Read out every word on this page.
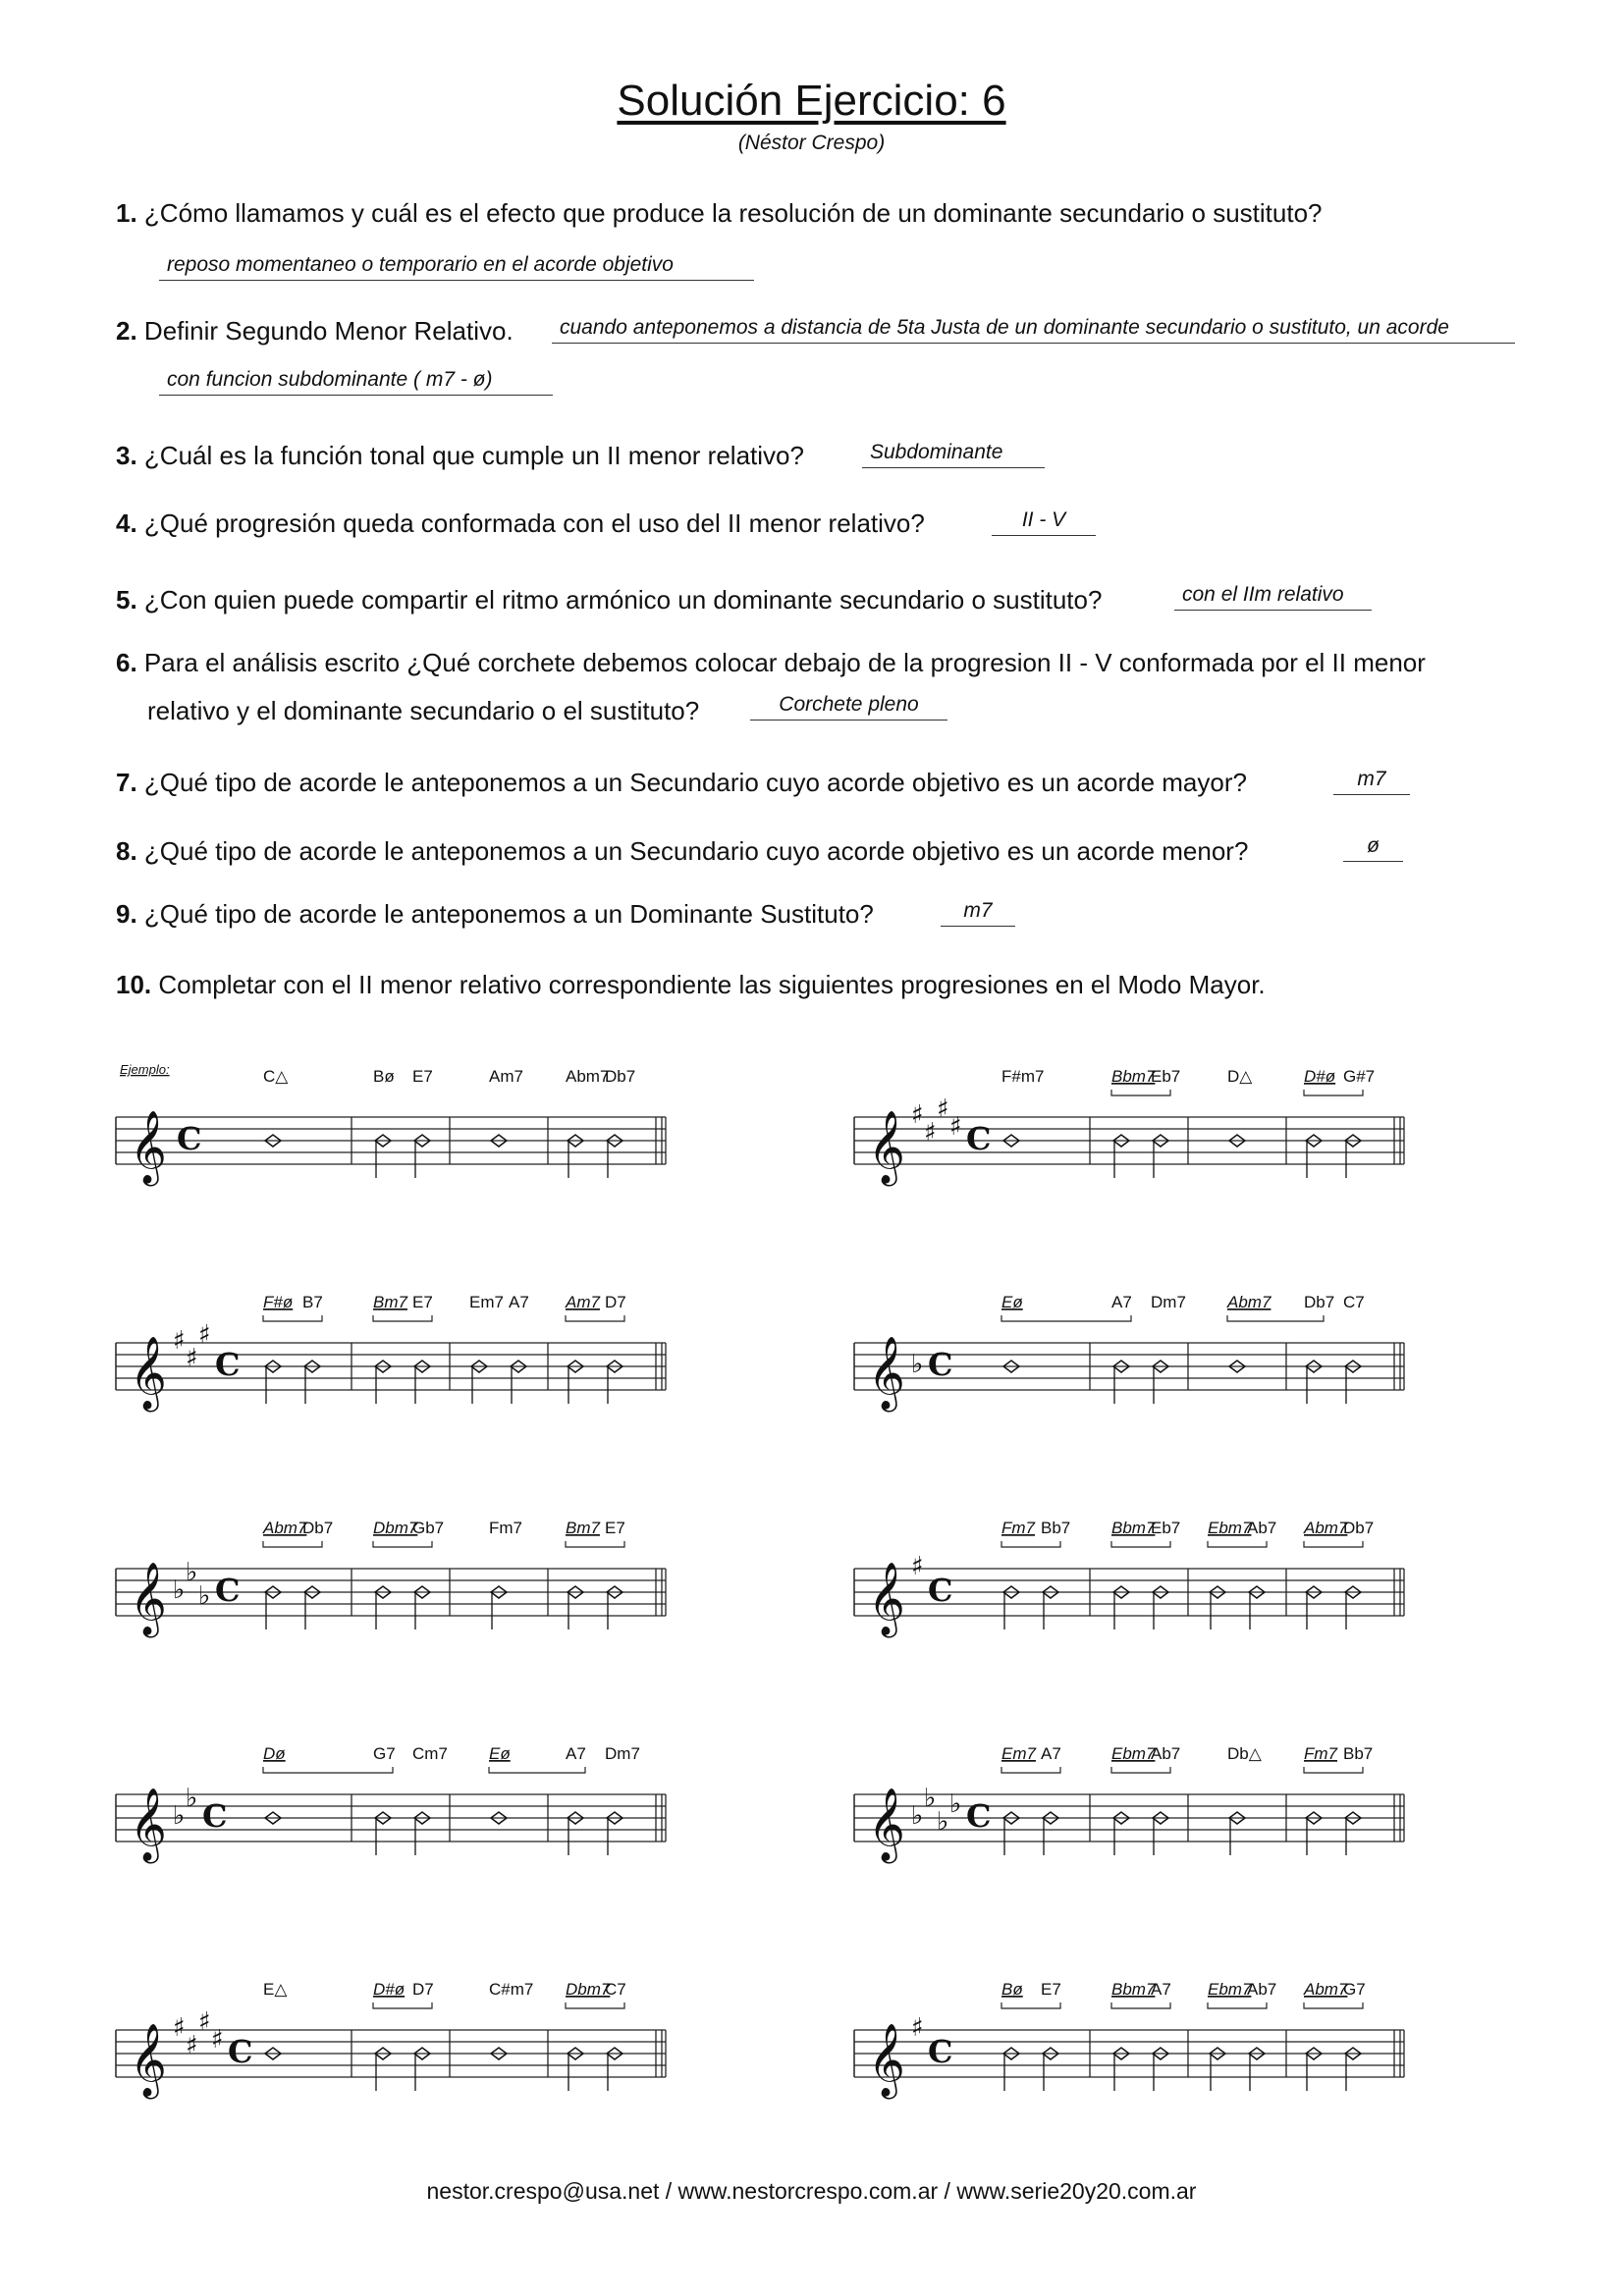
Solución Ejercicio: 6
(Néstor Crespo)
1. ¿Cómo llamamos y cuál es el efecto que produce la resolución de un dominante secundario o sustituto?
reposo momentaneo o temporario en el acorde objetivo
2. Definir Segundo Menor Relativo.	cuando anteponemos a distancia de 5ta Justa de un dominante secundario o sustituto, un acorde
con funcion subdominante ( m7 - ø)
3. ¿Cuál es la función tonal que cumple un II menor relativo?	Subdominante
4. ¿Qué progresión queda conformada con el uso del II menor relativo?	II - V
5. ¿Con quien puede compartir el ritmo armónico un dominante secundario o sustituto?	con el IIm relativo
6. Para el análisis escrito ¿Qué corchete debemos colocar debajo de la progresion II - V conformada por el II menor
relativo y el dominante secundario o el sustituto?	Corchete pleno
7. ¿Qué tipo de acorde le anteponemos a un Secundario cuyo acorde objetivo es un acorde mayor?	m7
8. ¿Qué tipo de acorde le anteponemos a un Secundario cuyo acorde objetivo es un acorde menor?	ø
9. ¿Qué tipo de acorde le anteponemos a un Dominante Sustituto?	m7
10. Completar con el II menor relativo correspondiente las siguientes progresiones en el Modo Mayor.
𝄞 C
C△	Bø E7	Am7	Abm7
Db7
Ejemplo:
𝄞 ♯
♯
♯
♯ C
F#m7	Bbm7
Eb7	D△	D#ø G#7
𝄞 ♯
♯
♯
C
F#ø B7	Bm7 E7 Em7 A7 Am7 D7
𝄞 ♭ C
Eø	A7 Dm7 Abm7 Db7 C7
𝄞 ♭
♭
♭ C
Abm7
Db7 Dbm7
Gb7	Fm7	Bm7 E7
𝄞 ♯
C
Fm7 Bb7 Bbm7
Eb7 Ebm7
Ab7 Abm7
Db7
𝄞 ♭
♭ C
Dø	G7 Cm7 Eø	A7 Dm7
𝄞 ♭
♭
♭
♭ C
Em7 A7	Ebm7
Ab7	Db△	Fm7 Bb7
𝄞 ♯
♯
♯
♯ C
E△	D#ø D7	C#m7 Dbm7
C7
𝄞 ♯
C
Bø E7	Bbm7
A7 Ebm7
Ab7 Abm7
G7
nestor.crespo@usa.net / www.nestorcrespo.com.ar / www.serie20y20.com.ar
